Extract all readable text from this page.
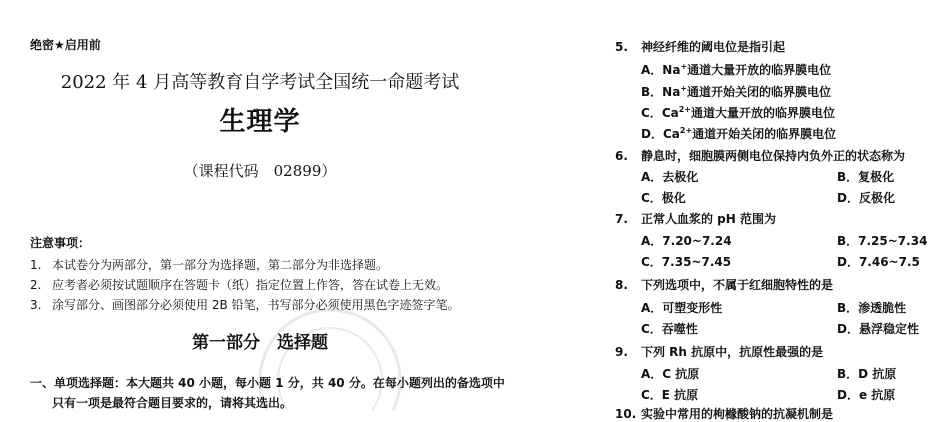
绝密★启用前
2022 年 4 月高等教育自学考试全国统一命题考试
生理学
（课程代码　02899）
注意事项：
1. 本试卷分为两部分，第一部分为选择题，第二部分为非选择题。
2. 应考者必须按试题顺序在答题卡（纸）指定位置上作答，答在试卷上无效。
3. 涂写部分、画图部分必须使用 2B 铅笔，书写部分必须使用黑色字迹签字笔。
第一部分　选择题
一、单项选择题：本大题共 40 小题，每小题 1 分，共 40 分。在每小题列出的备选项中
只有一项是最符合题目要求的，请将其选出。
5. 神经纤维的阈电位是指引起
A．Na+通道大量开放的临界膜电位
B．Na+通道开始关闭的临界膜电位
C．$Ca^{2+}$通道大量开放的临界膜电位
D．$Ca^{2+}$通道开始关闭的临界膜电位
6. 静息时，细胞膜两侧电位保持内负外正的状态称为
A．去极化	B．复极化
C．极化	D．反极化
7. 正常人血浆的 pH 范围为
A．7.20~7.24	B．7.25~7.34
C．7.35~7.45	D．7.46~7.5
8. 下列选项中，不属于红细胞特性的是
A．可塑变形性	B．渗透脆性
C．吞噬性	D．悬浮稳定性
9. 下列 Rh 抗原中，抗原性最强的是
A．C 抗原	B．D 抗原
C．E 抗原	D．e 抗原
10. 实验中常用的枸橼酸钠的抗凝机制是
